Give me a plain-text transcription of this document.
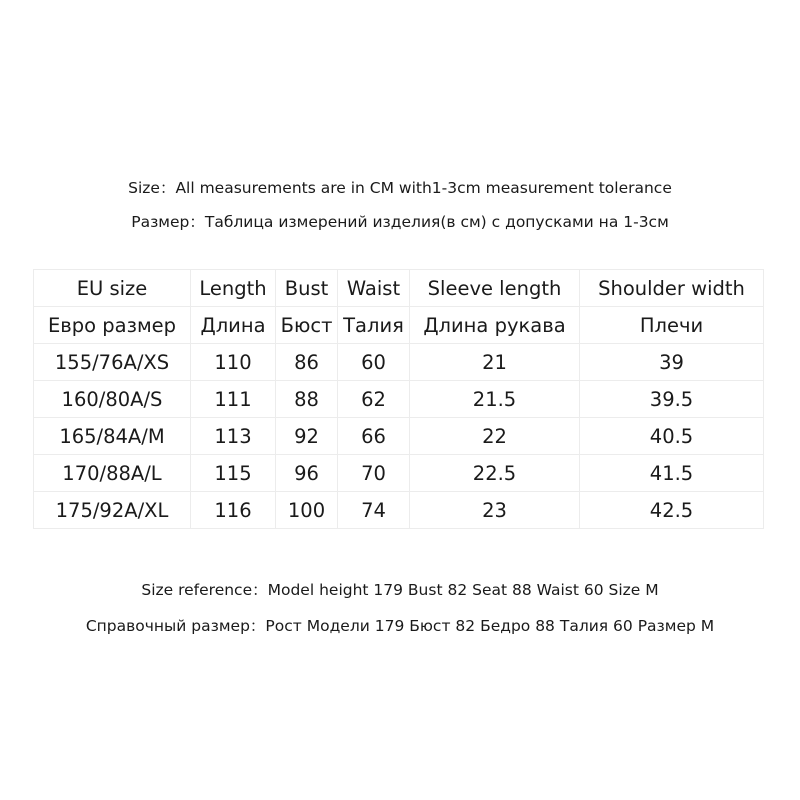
Size：All measurements are in CM with1-3cm measurement tolerance
Размер：Таблица измерений изделия(в см) с допусками на 1-3см
EU size	Length	Bust	Waist	Sleeve length	Shoulder width
Евро размер	Длина	Бюст	Талия	Длина рукава	Плечи
155/76A/XS	110	86	60	21	39
160/80A/S	111	88	62	21.5	39.5
165/84A/M	113	92	66	22	40.5
170/88A/L	115	96	70	22.5	41.5
175/92A/XL	116	100	74	23	42.5
Size reference：Model height 179 Bust 82 Seat 88 Waist 60 Size M
Справочный размер：Рост Модели 179 Бюст 82 Бедро 88 Талия 60 Размер M
